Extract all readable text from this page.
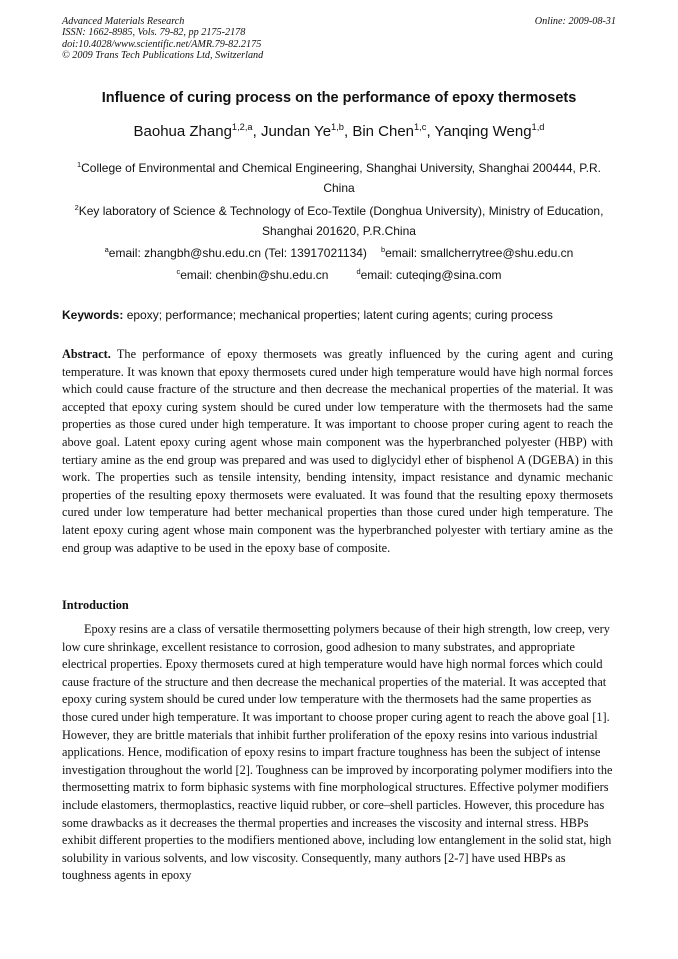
Advanced Materials Research
ISSN: 1662-8985, Vols. 79-82, pp 2175-2178
doi:10.4028/www.scientific.net/AMR.79-82.2175
© 2009 Trans Tech Publications Ltd, Switzerland
Online: 2009-08-31
Influence of curing process on the performance of epoxy thermosets
Baohua Zhang$^{1,2,a}$, Jundan Ye$^{1,b}$, Bin Chen$^{1,c}$, Yanqing Weng$^{1,d}$
$^1$College of Environmental and Chemical Engineering, Shanghai University, Shanghai 200444, P.R. China
$^2$Key laboratory of Science & Technology of Eco-Textile (Donghua University), Ministry of Education, Shanghai 201620, P.R.China
$^a$email: zhangbh@shu.edu.cn (Tel: 13917021134) $^b$email: smallcherrytree@shu.edu.cn
$^c$email: chenbin@shu.edu.cn	$^d$email: cuteqing@sina.com
Keywords: epoxy; performance; mechanical properties; latent curing agents; curing process
Abstract. The performance of epoxy thermosets was greatly influenced by the curing agent and curing temperature. It was known that epoxy thermosets cured under high temperature would have high normal forces which could cause fracture of the structure and then decrease the mechanical properties of the material. It was accepted that epoxy curing system should be cured under low temperature with the thermosets had the same properties as those cured under high temperature. It was important to choose proper curing agent to reach the above goal. Latent epoxy curing agent whose main component was the hyperbranched polyester (HBP) with tertiary amine as the end group was prepared and was used to diglycidyl ether of bisphenol A (DGEBA) in this work. The properties such as tensile intensity, bending intensity, impact resistance and dynamic mechanic properties of the resulting epoxy thermosets were evaluated. It was found that the resulting epoxy thermosets cured under low temperature had better mechanical properties than those cured under high temperature. The latent epoxy curing agent whose main component was the hyperbranched polyester with tertiary amine as the end group was adaptive to be used in the epoxy base of composite.
Introduction
Epoxy resins are a class of versatile thermosetting polymers because of their high strength, low creep, very low cure shrinkage, excellent resistance to corrosion, good adhesion to many substrates, and appropriate electrical properties. Epoxy thermosets cured at high temperature would have high normal forces which could cause fracture of the structure and then decrease the mechanical properties of the material. It was accepted that epoxy curing system should be cured under low temperature with the thermosets had the same properties as those cured under high temperature. It was important to choose proper curing agent to reach the above goal [1]. However, they are brittle materials that inhibit further proliferation of the epoxy resins into various industrial applications. Hence, modification of epoxy resins to impart fracture toughness has been the subject of intense investigation throughout the world [2]. Toughness can be improved by incorporating polymer modifiers into the thermosetting matrix to form biphasic systems with fine morphological structures. Effective polymer modifiers include elastomers, thermoplastics, reactive liquid rubber, or core–shell particles. However, this procedure has some drawbacks as it decreases the thermal properties and increases the viscosity and internal stress. HBPs exhibit different properties to the modifiers mentioned above, including low entanglement in the solid stat, high solubility in various solvents, and low viscosity. Consequently, many authors [2-7] have used HBPs as toughness agents in epoxy
